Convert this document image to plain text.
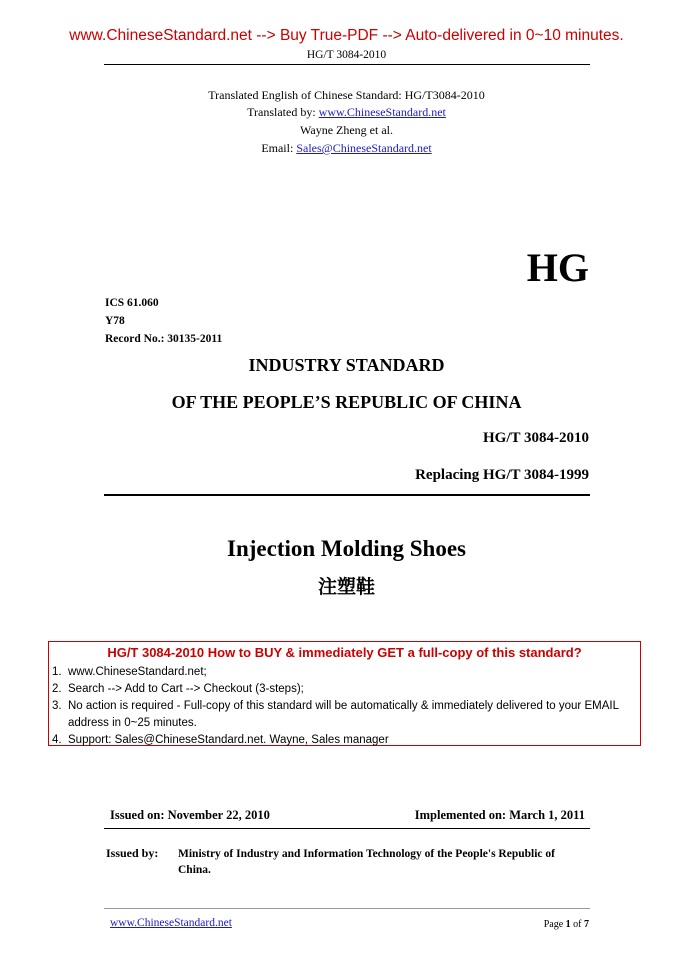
www.ChineseStandard.net --> Buy True-PDF --> Auto-delivered in 0~10 minutes.
HG/T 3084-2010
Translated English of Chinese Standard: HG/T3084-2010
Translated by: www.ChineseStandard.net
Wayne Zheng et al.
Email: Sales@ChineseStandard.net
HG
ICS 61.060
Y78
Record No.: 30135-2011
INDUSTRY STANDARD
OF THE PEOPLE’S REPUBLIC OF CHINA
HG/T 3084-2010
Replacing HG/T 3084-1999
Injection Molding Shoes
注塑鞋
HG/T 3084-2010 How to BUY & immediately GET a full-copy of this standard?
1. www.ChineseStandard.net;
2. Search --> Add to Cart --> Checkout (3-steps);
3. No action is required - Full-copy of this standard will be automatically & immediately delivered to your EMAIL address in 0~25 minutes.
4. Support: Sales@ChineseStandard.net. Wayne, Sales manager
Issued on: November 22, 2010	Implemented on: March 1, 2011
Issued by: Ministry of Industry and Information Technology of the People's Republic of China.
www.ChineseStandard.net	Page 1 of 7
